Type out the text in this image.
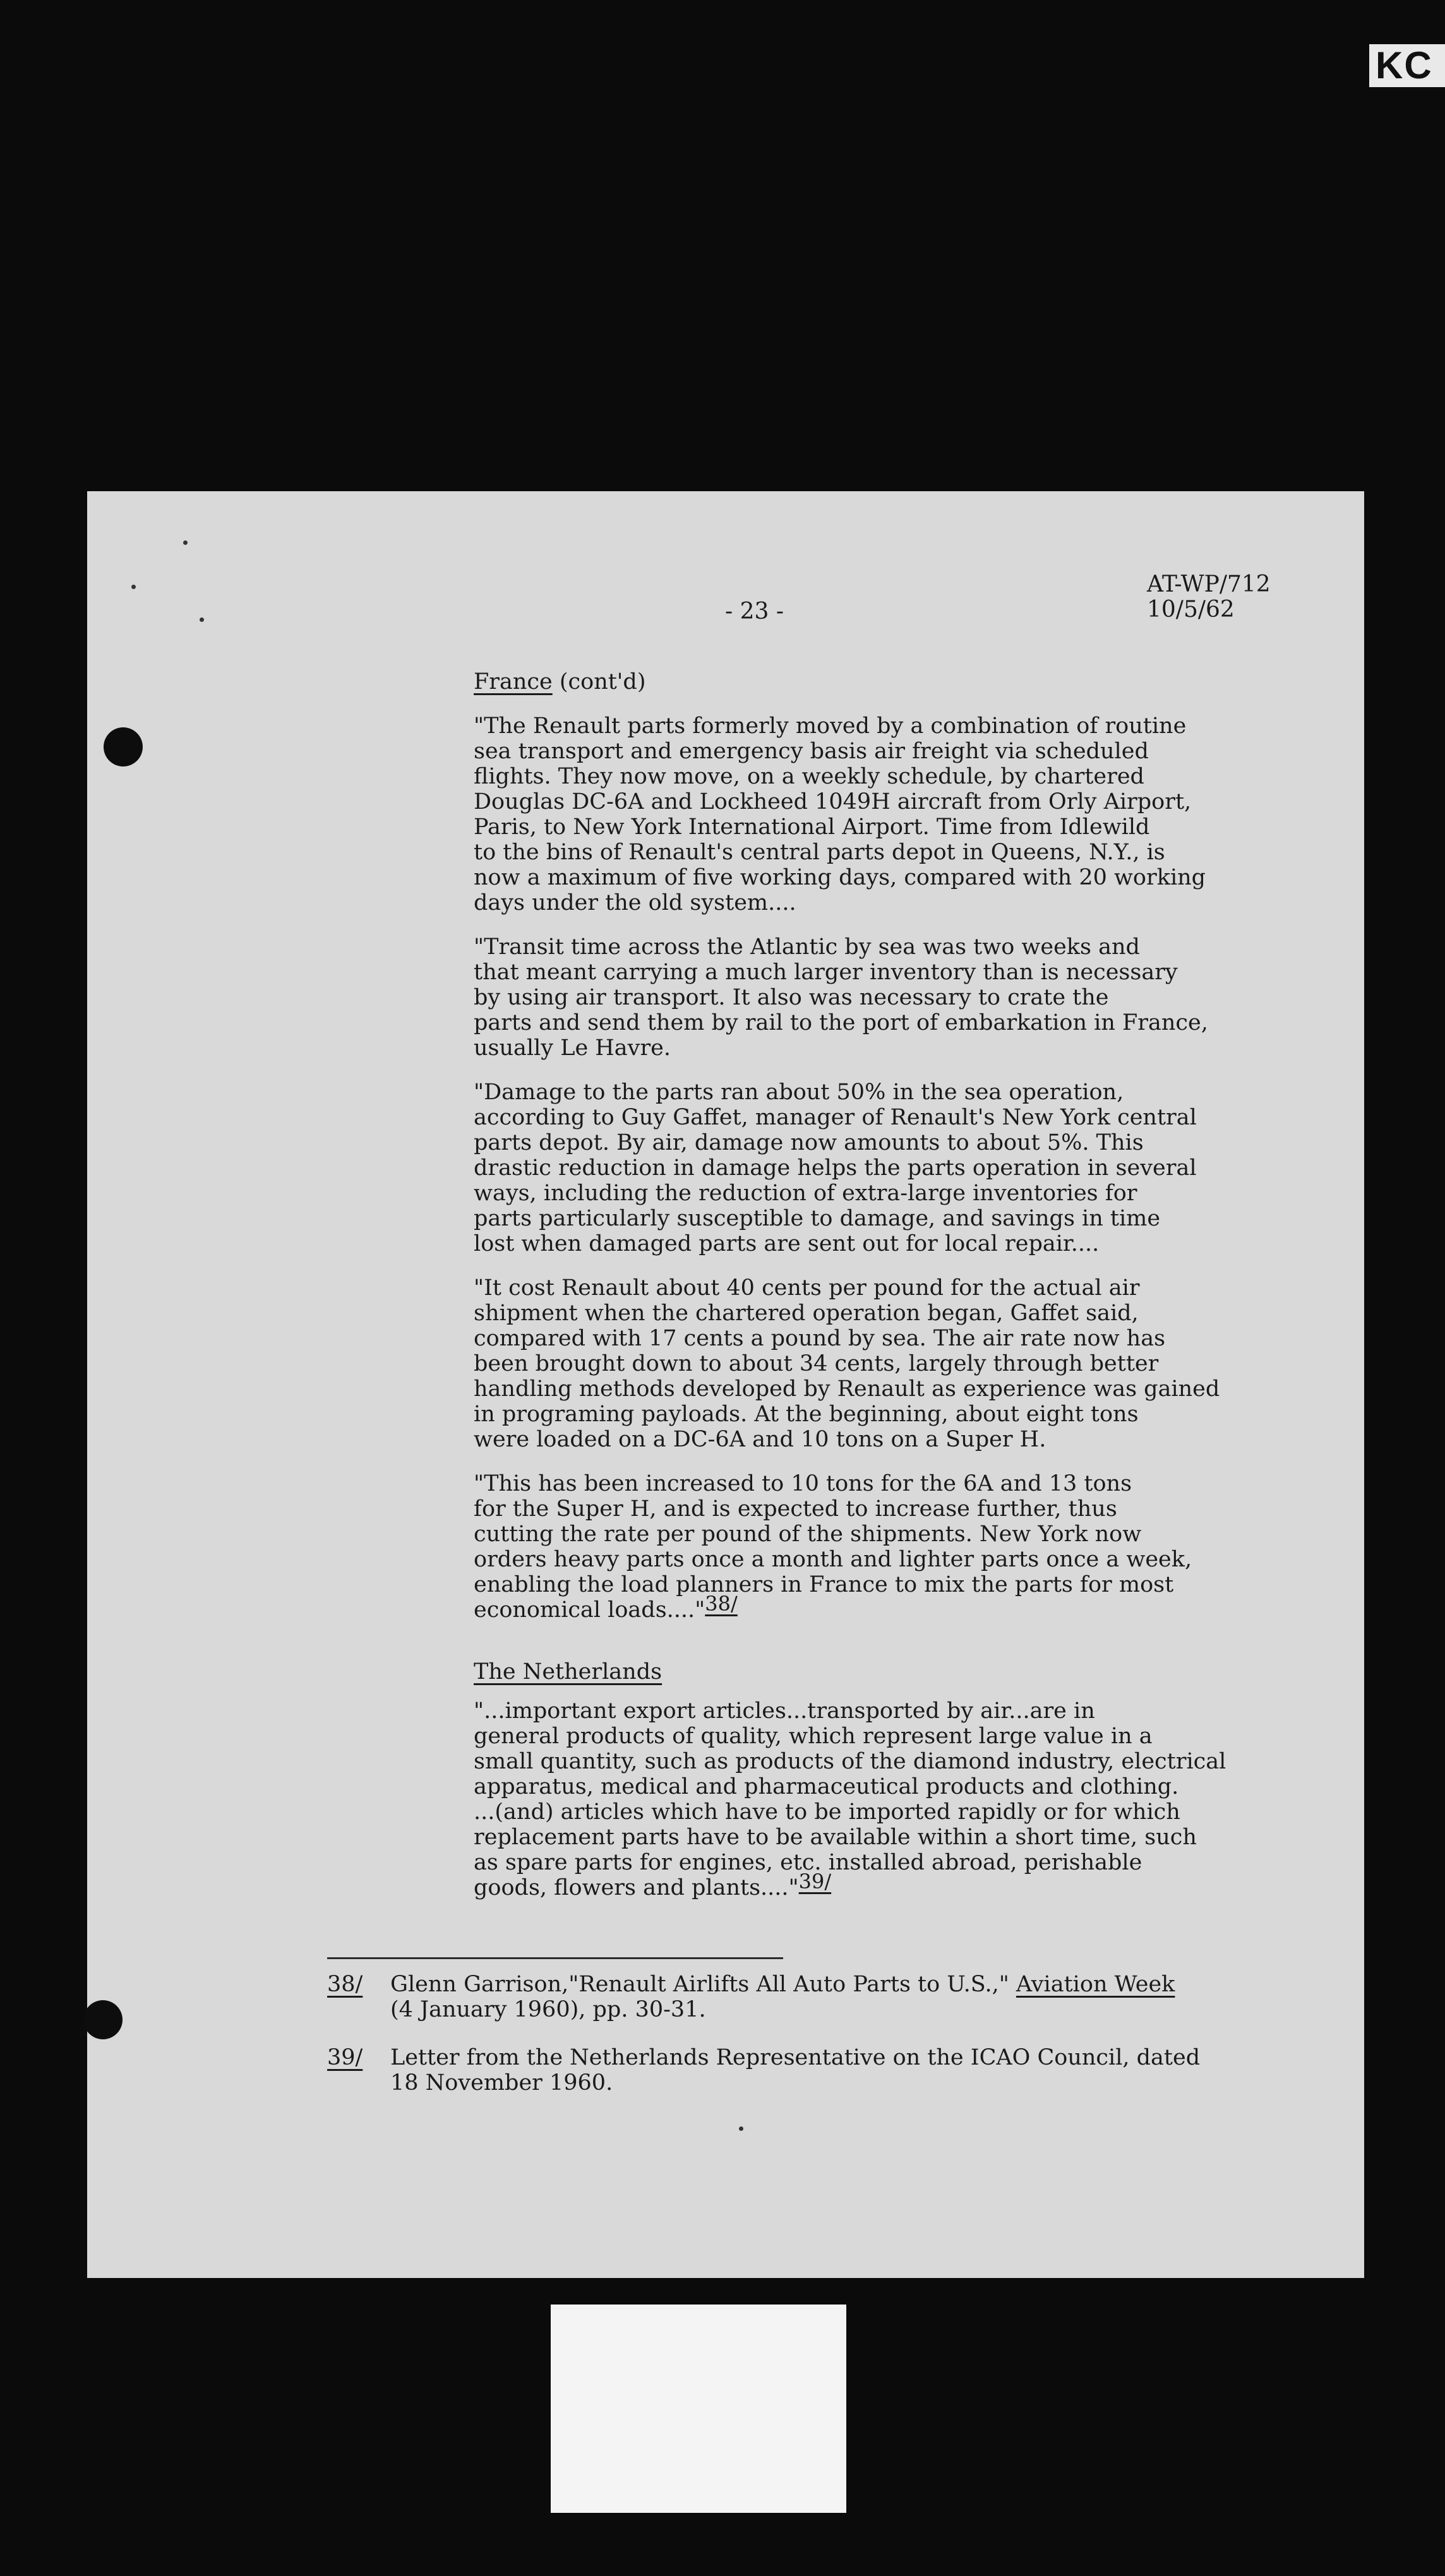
KC
- 23 -
AT-WP/712
10/5/62
France (cont'd)

"The Renault parts formerly moved by a combination of routine
sea transport and emergency basis air freight via scheduled
flights. They now move, on a weekly schedule, by chartered
Douglas DC-6A and Lockheed 1049H aircraft from Orly Airport,
Paris, to New York International Airport. Time from Idlewild
to the bins of Renault's central parts depot in Queens, N.Y., is
now a maximum of five working days, compared with 20 working
days under the old system....

"Transit time across the Atlantic by sea was two weeks and
that meant carrying a much larger inventory than is necessary
by using air transport. It also was necessary to crate the
parts and send them by rail to the port of embarkation in France,
usually Le Havre.

"Damage to the parts ran about 50% in the sea operation,
according to Guy Gaffet, manager of Renault's New York central
parts depot. By air, damage now amounts to about 5%. This
drastic reduction in damage helps the parts operation in several
ways, including the reduction of extra-large inventories for
parts particularly susceptible to damage, and savings in time
lost when damaged parts are sent out for local repair....

"It cost Renault about 40 cents per pound for the actual air
shipment when the chartered operation began, Gaffet said,
compared with 17 cents a pound by sea. The air rate now has
been brought down to about 34 cents, largely through better
handling methods developed by Renault as experience was gained
in programing payloads. At the beginning, about eight tons
were loaded on a DC-6A and 10 tons on a Super H.

"This has been increased to 10 tons for the 6A and 13 tons
for the Super H, and is expected to increase further, thus
cutting the rate per pound of the shipments. New York now
orders heavy parts once a month and lighter parts once a week,
enabling the load planners in France to mix the parts for most
economical loads...."38/

The Netherlands

"...important export articles...transported by air...are in
general products of quality, which represent large value in a
small quantity, such as products of the diamond industry, electrical
apparatus, medical and pharmaceutical products and clothing.
...(and) articles which have to be imported rapidly or for which
replacement parts have to be available within a short time, such
as spare parts for engines, etc. installed abroad, perishable
goods, flowers and plants...."39/

38/	Glenn Garrison,"Renault Airlifts All Auto Parts to U.S.," Aviation Week
(4 January 1960), pp. 30-31.
39/	Letter from the Netherlands Representative on the ICAO Council, dated
18 November 1960.
